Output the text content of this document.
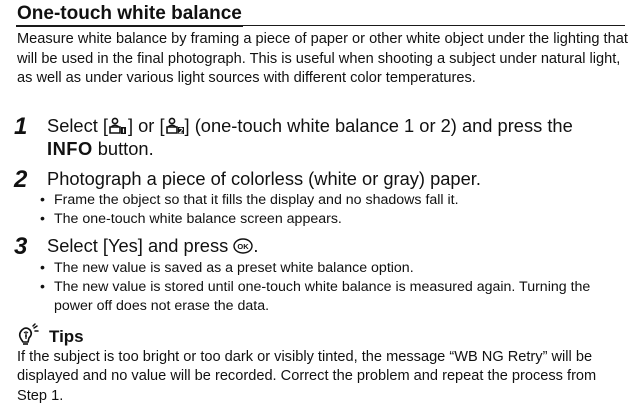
One-touch white balance

Measure white balance by framing a piece of paper or other white object under the lighting that will be used in the final photograph. This is useful when shooting a subject under natural light, as well as under various light sources with different color temperatures.

1 Select [ ] or [ ] (one-touch white balance 1 or 2) and press the
INFO button.

2 Photograph a piece of colorless (white or gray) paper.

• Frame the object so that it fills the display and no shadows fall it.
• The one-touch white balance screen appears.
3 Select [Yes] and press OK .

• The new value is saved as a preset white balance option.
• The new value is stored until one-touch white balance is measured again. Turning the power off does not erase the data.
Tips

If the subject is too bright or too dark or visibly tinted, the message “WB NG Retry” will be displayed and no value will be recorded. Correct the problem and repeat the process from Step 1.
